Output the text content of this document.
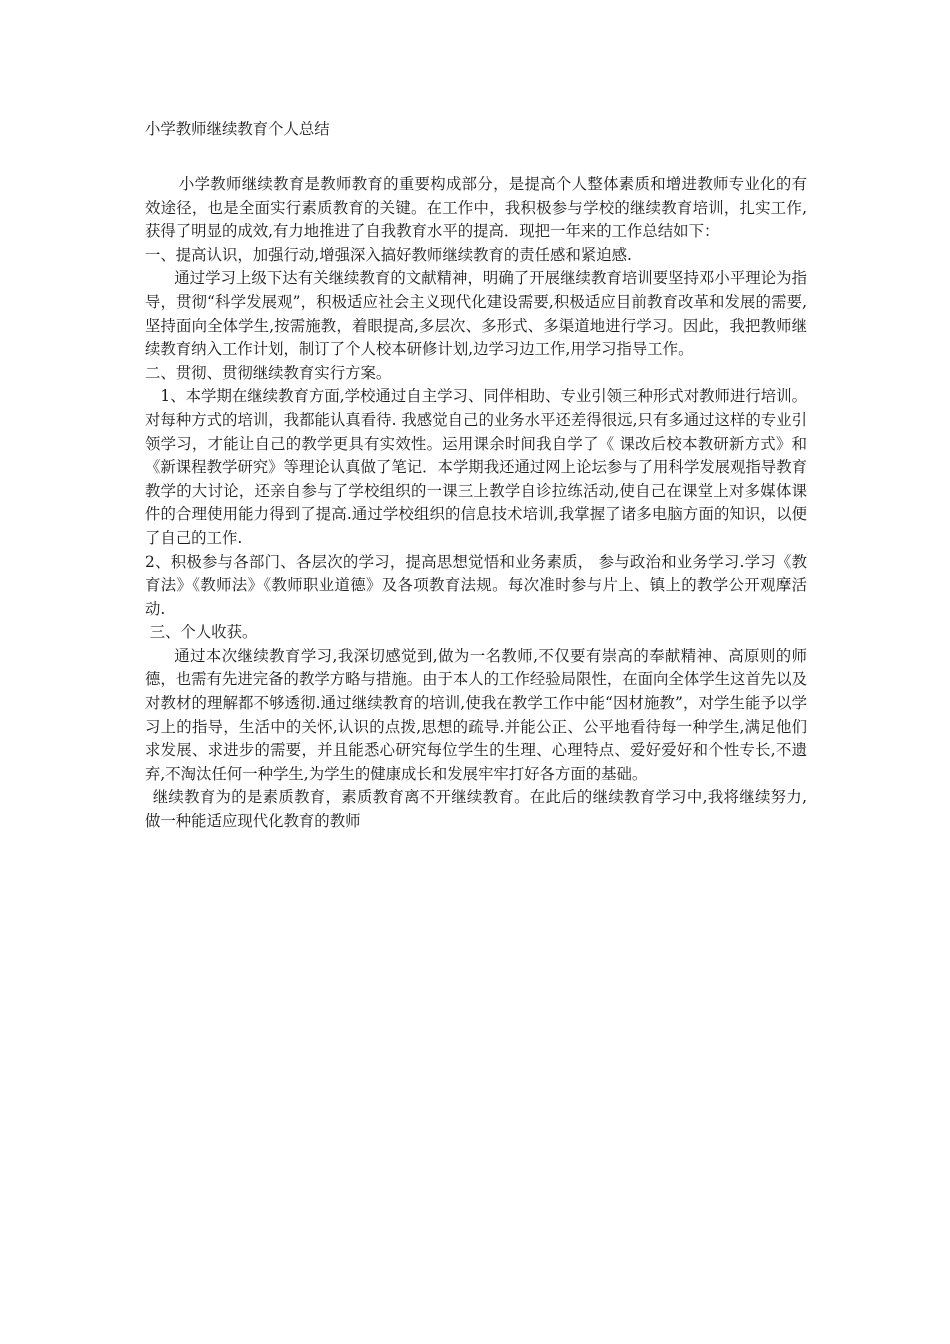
小学教师继续教育个人总结

小学教师继续教育是教师教育的重要构成部分，是提高个人整体素质和增进教师专业化的有效途径，也是全面实行素质教育的关键。在工作中，我积极参与学校的继续教育培训，扎实工作,获得了明显的成效,有力地推进了自我教育水平的提高．现把一年来的工作总结如下：

一、提高认识，加强行动,增强深入搞好教师继续教育的责任感和紧迫感.

通过学习上级下达有关继续教育的文献精神，明确了开展继续教育培训要坚持邓小平理论为指导，贯彻“科学发展观”，积极适应社会主义现代化建设需要,积极适应目前教育改革和发展的需要,坚持面向全体学生,按需施教，着眼提高,多层次、多形式、多渠道地进行学习。因此，我把教师继续教育纳入工作计划，制订了个人校本研修计划,边学习边工作,用学习指导工作。

二、贯彻、贯彻继续教育实行方案。

1、本学期在继续教育方面,学校通过自主学习、同伴相助、专业引领三种形式对教师进行培训。对每种方式的培训，我都能认真看待. 我感觉自己的业务水平还差得很远,只有多通过这样的专业引领学习，才能让自己的教学更具有实效性。运用课余时间我自学了《 课改后校本教研新方式》和《新课程教学研究》等理论认真做了笔记．本学期我还通过网上论坛参与了用科学发展观指导教育教学的大讨论，还亲自参与了学校组织的一课三上教学自诊拉练活动,使自己在课堂上对多媒体课件的合理使用能力得到了提高.通过学校组织的信息技术培训,我掌握了诸多电脑方面的知识，以便了自己的工作.

2、积极参与各部门、各层次的学习，提高思想觉悟和业务素质， 参与政治和业务学习.学习《教育法》《教师法》《教师职业道德》及各项教育法规。每次准时参与片上、镇上的教学公开观摩活动.

三、个人收获。

通过本次继续教育学习,我深切感觉到,做为一名教师,不仅要有崇高的奉献精神、高原则的师德，也需有先进完备的教学方略与措施。由于本人的工作经验局限性，在面向全体学生这首先以及对教材的理解都不够透彻.通过继续教育的培训,使我在教学工作中能“因材施教”，对学生能予以学习上的指导，生活中的关怀,认识的点拨,思想的疏导.并能公正、公平地看待每一种学生,满足他们求发展、求进步的需要，并且能悉心研究每位学生的生理、心理特点、爱好爱好和个性专长,不遗弃,不淘汰任何一种学生,为学生的健康成长和发展牢牢打好各方面的基础。

继续教育为的是素质教育，素质教育离不开继续教育。在此后的继续教育学习中,我将继续努力,做一种能适应现代化教育的教师
